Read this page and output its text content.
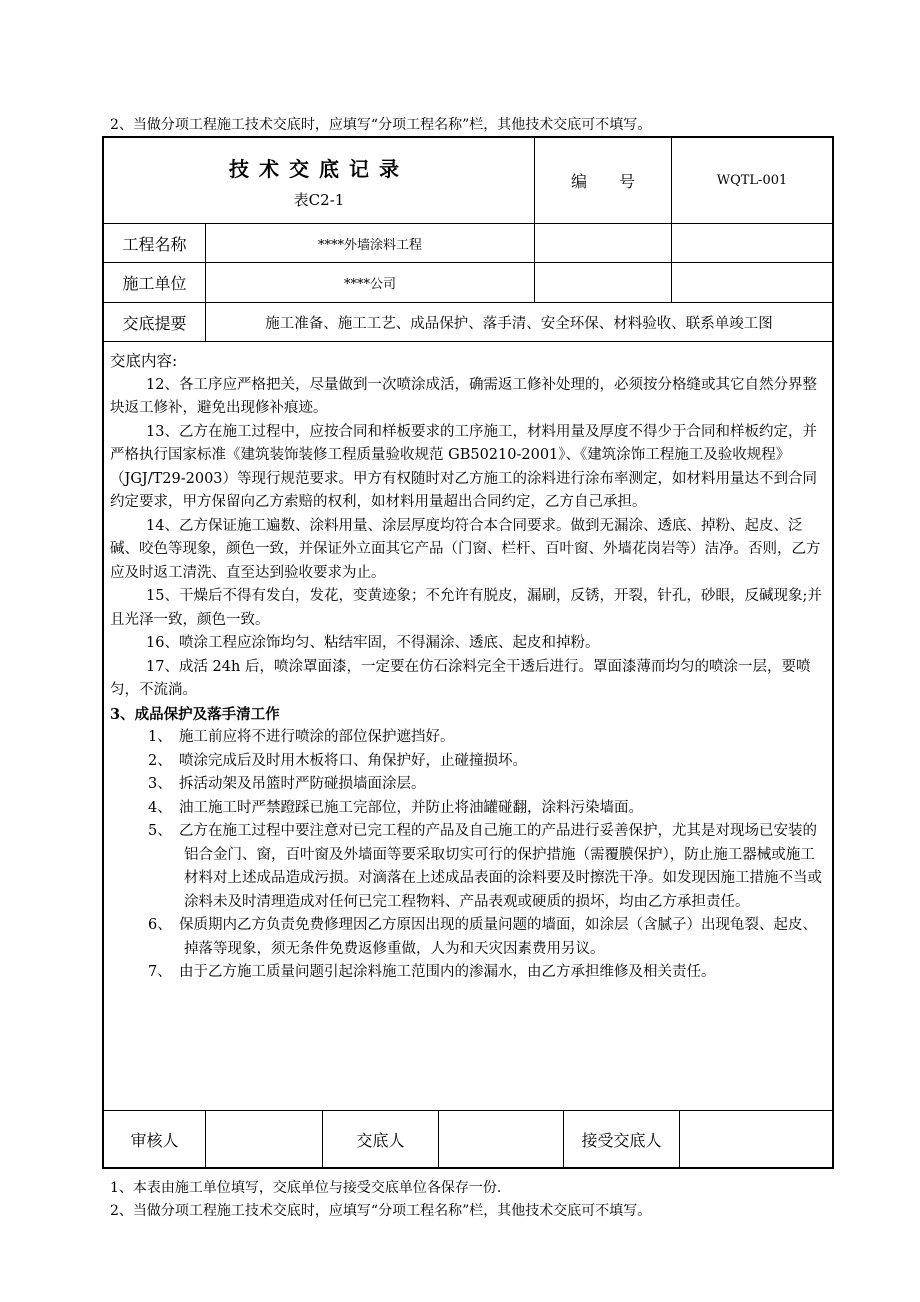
2、当做分项工程施工技术交底时，应填写“分项工程名称”栏，其他技术交底可不填写。
技术交底记录
表C2-1
编　　号	WQTL-001
工程名称	****外墙涂料工程
施工单位	****公司
交底提要	施工准备、施工工艺、成品保护、落手清、安全环保、材料验收、联系单竣工图

交底内容:

12、各工序应严格把关，尽量做到一次喷涂成活，确需返工修补处理的，必须按分格缝或其它自然分界整块返工修补，避免出现修补痕迹。

13、乙方在施工过程中，应按合同和样板要求的工序施工，材料用量及厚度不得少于合同和样板约定，并严格执行国家标准《建筑装饰装修工程质量验收规范 GB50210-2001》、《建筑涂饰工程施工及验收规程》（JGJ/T29-2003）等现行规范要求。甲方有权随时对乙方施工的涂料进行涂布率测定，如材料用量达不到合同约定要求，甲方保留向乙方索赔的权利，如材料用量超出合同约定，乙方自己承担。

14、乙方保证施工遍数、涂料用量、涂层厚度均符合本合同要求。做到无漏涂、透底、掉粉、起皮、泛碱、咬色等现象，颜色一致，并保证外立面其它产品（门窗、栏杆、百叶窗、外墙花岗岩等）洁净。否则，乙方应及时返工清洗、直至达到验收要求为止。

15、干燥后不得有发白，发花，变黄迹象；不允许有脱皮，漏刷，反锈，开裂，针孔，砂眼，反碱现象;并且光泽一致，颜色一致。

16、喷涂工程应涂饰均匀、粘结牢固，不得漏涂、透底、起皮和掉粉。

17、成活 24h 后，喷涂罩面漆，一定要在仿石涂料完全干透后进行。罩面漆薄而均匀的喷涂一层，要喷匀，不流淌。

3、成品保护及落手清工作

1、　施工前应将不进行喷涂的部位保护遮挡好。

2、　喷涂完成后及时用木板将口、角保护好，止碰撞损坏。

3、　拆活动架及吊篮时严防碰损墙面涂层。

4、　油工施工时严禁蹬踩已施工完部位，并防止将油罐碰翻，涂料污染墙面。

5、　乙方在施工过程中要注意对已完工程的产品及自己施工的产品进行妥善保护，尤其是对现场已安装的铝合金门、窗，百叶窗及外墙面等要采取切实可行的保护措施（需覆膜保护），防止施工器械或施工材料对上述成品造成污损。对滴落在上述成品表面的涂料要及时擦洗干净。如发现因施工措施不当或涂料未及时清理造成对任何已完工程物料、产品表观或硬质的损坏，均由乙方承担责任。

6、　保质期内乙方负责免费修理因乙方原因出现的质量问题的墙面，如涂层（含腻子）出现龟裂、起皮、掉落等现象，须无条件免费返修重做，人为和天灾因素费用另议。

7、　由于乙方施工质量问题引起涂料施工范围内的渗漏水，由乙方承担维修及相关责任。

审核人	交底人	接受交底人
1、本表由施工单位填写，交底单位与接受交底单位各保存一份.
2、当做分项工程施工技术交底时，应填写“分项工程名称”栏，其他技术交底可不填写。
